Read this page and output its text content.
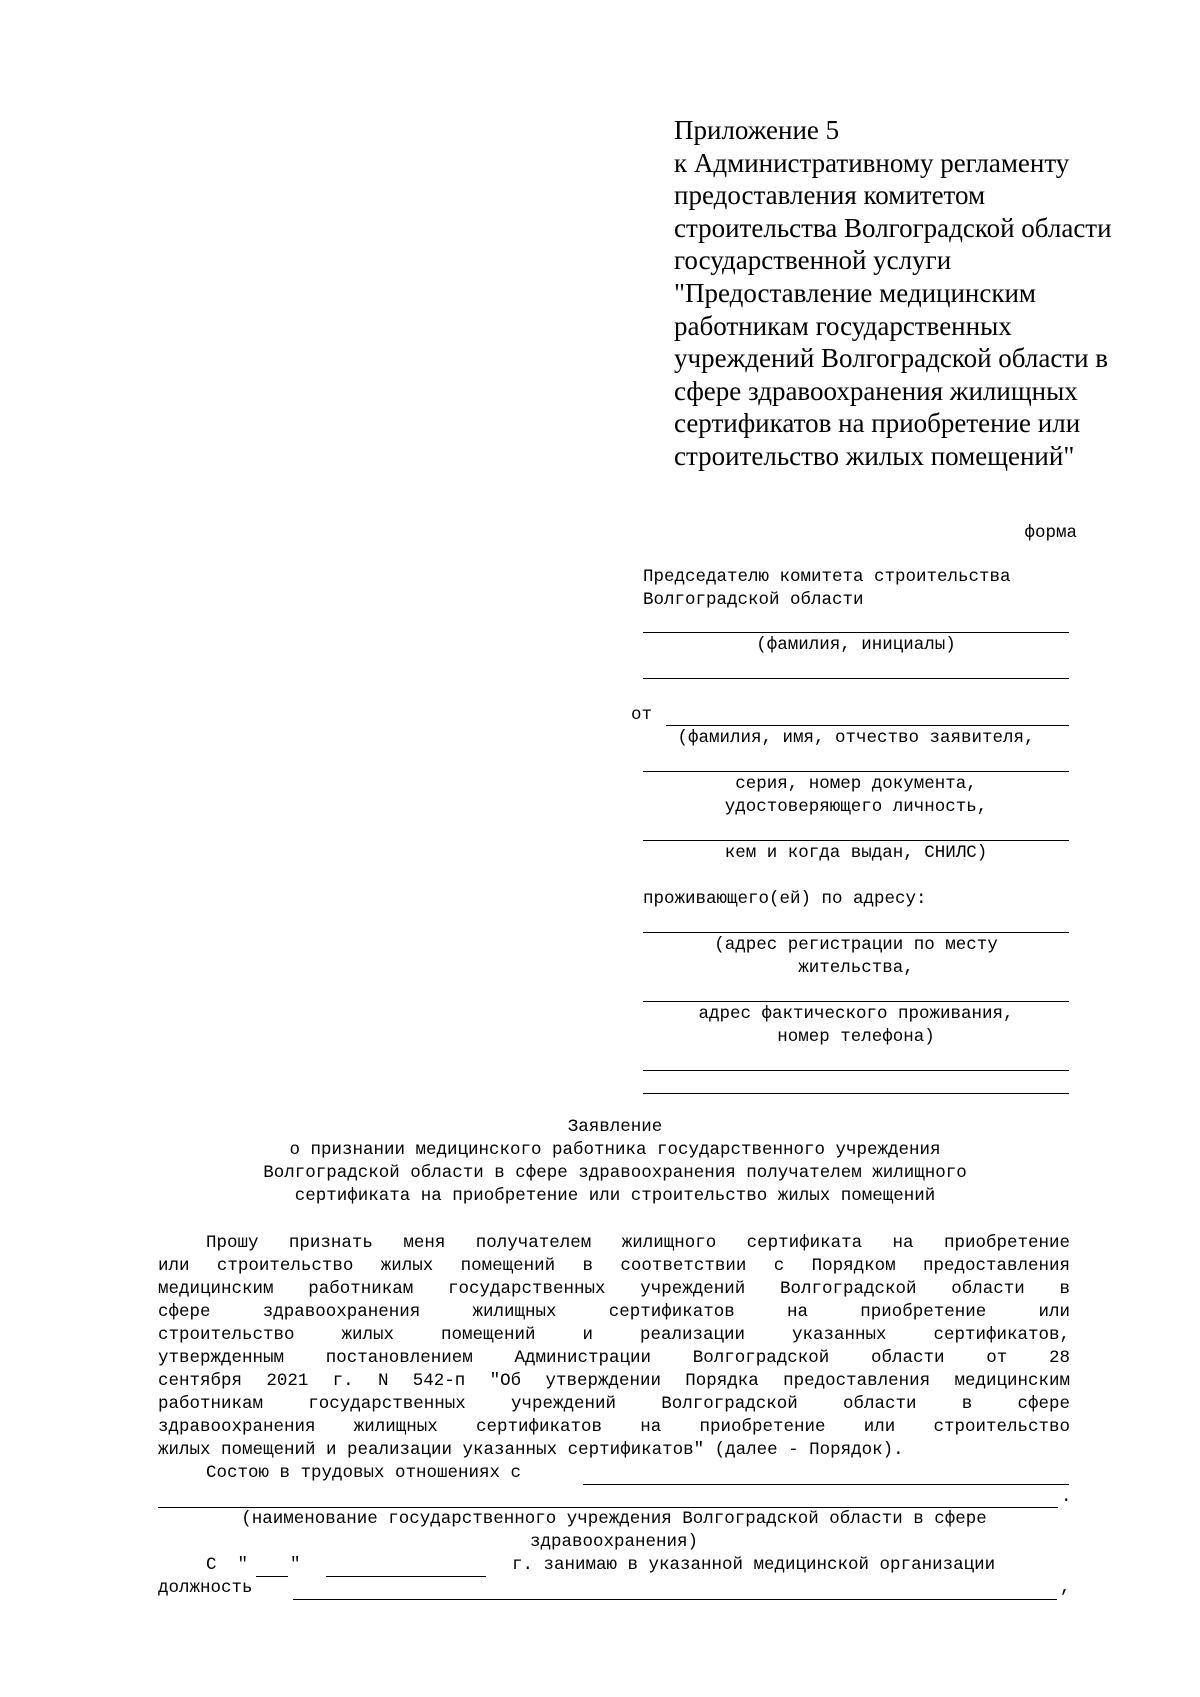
Приложение 5
к Административному регламенту
предоставления комитетом
строительства Волгоградской области
государственной услуги
"Предоставление медицинским
работникам государственных
учреждений Волгоградской области в
сфере здравоохранения жилищных
сертификатов на приобретение или
строительство жилых помещений"
форма
Председателю комитета строительства
Волгоградской области
(фамилия, инициалы)
от
(фамилия, имя, отчество заявителя,
серия, номер документа,
удостоверяющего личность,
кем и когда выдан, СНИЛС)
проживающего(ей) по адресу:
(адрес регистрации по месту
жительства,
адрес фактического проживания,
номер телефона)
Заявление
о признании медицинского работника государственного учреждения
Волгоградской области в сфере здравоохранения получателем жилищного
сертификата на приобретение или строительство жилых помещений
Прошу признать меня получателем жилищного сертификата на приобретение
или строительство жилых помещений в соответствии с Порядком предоставления
медицинским работникам государственных учреждений Волгоградской области в
сфере здравоохранения жилищных сертификатов на приобретение или
строительство жилых помещений и реализации указанных сертификатов,
утвержденным постановлением Администрации Волгоградской области от 28
сентября 2021 г. N 542-п "Об утверждении Порядка предоставления медицинским
работникам государственных учреждений Волгоградской области в сфере
здравоохранения жилищных сертификатов на приобретение или строительство
жилых помещений и реализации указанных сертификатов" (далее - Порядок).
Состою в трудовых отношениях с
.
(наименование государственного учреждения Волгоградской области в сфере
здравоохранения)
С  " "	г. занимаю в указанной медицинской организации
должность	,
